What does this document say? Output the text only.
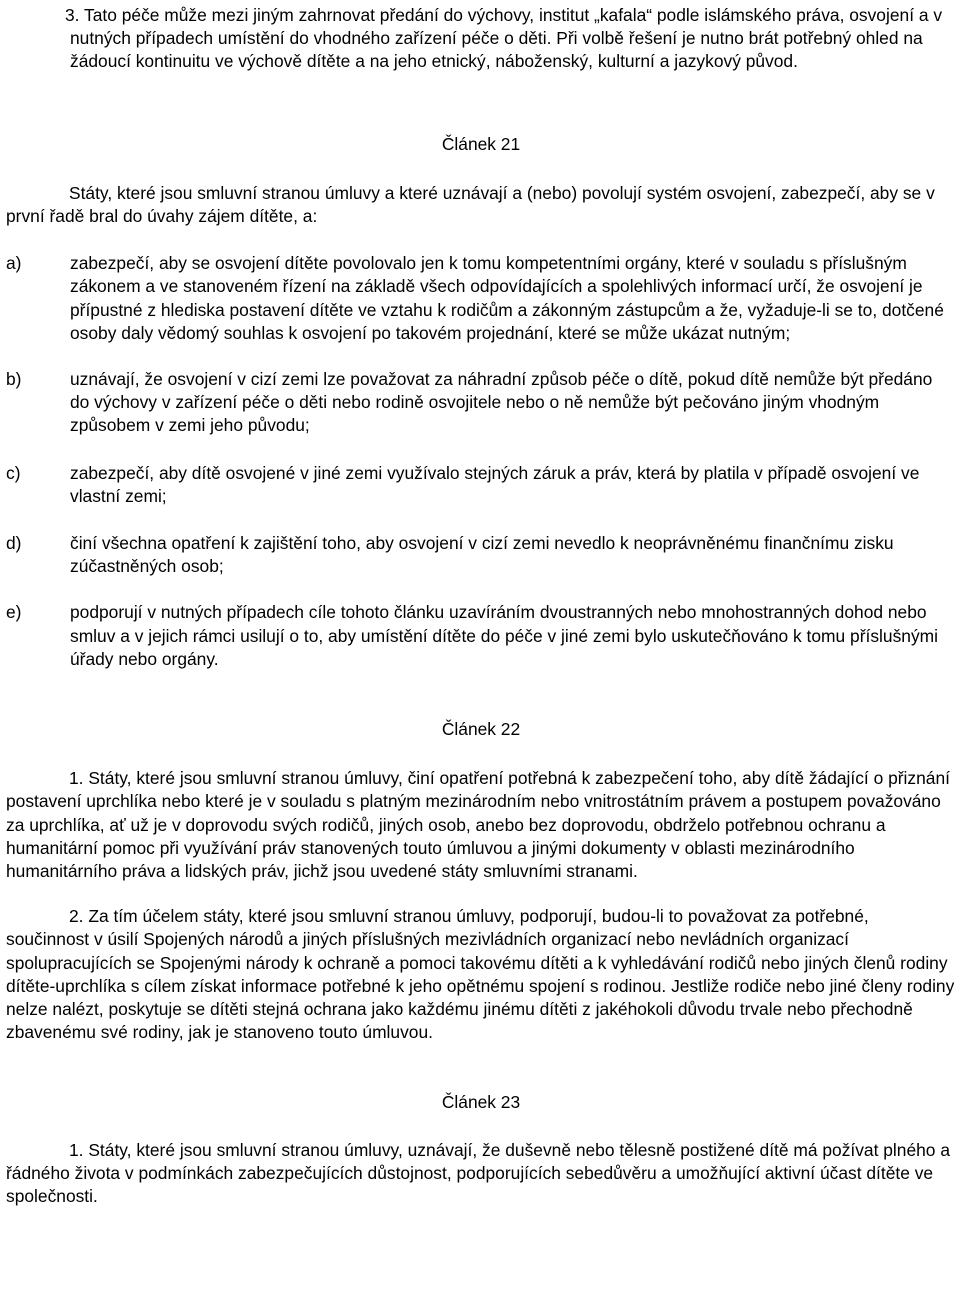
3. Tato péče může mezi jiným zahrnovat předání do výchovy, institut „kafala“ podle islámského práva, osvojení a v nutných případech umístění do vhodného zařízení péče o děti. Při volbě řešení je nutno brát potřebný ohled na žádoucí kontinuitu ve výchově dítěte a na jeho etnický, náboženský, kulturní a jazykový původ.

Článek 21

Státy, které jsou smluvní stranou úmluvy a které uznávají a (nebo) povolují systém osvojení, zabezpečí, aby se v první řadě bral do úvahy zájem dítěte, a:

a)	zabezpečí, aby se osvojení dítěte povolovalo jen k tomu kompetentními orgány, které v souladu s příslušným zákonem a ve stanoveném řízení na základě všech odpovídajících a spolehlivých informací určí, že osvojení je přípustné z hlediska postavení dítěte ve vztahu k rodičům a zákonným zástupcům a že, vyžaduje-li se to, dotčené osoby daly vědomý souhlas k osvojení po takovém projednání, které se může ukázat nutným;
b)	uznávají, že osvojení v cizí zemi lze považovat za náhradní způsob péče o dítě, pokud dítě nemůže být předáno do výchovy v zařízení péče o děti nebo rodině osvojitele nebo o ně nemůže být pečováno jiným vhodným způsobem v zemi jeho původu;
c)	zabezpečí, aby dítě osvojené v jiné zemi využívalo stejných záruk a práv, která by platila v případě osvojení ve vlastní zemi;
d)	činí všechna opatření k zajištění toho, aby osvojení v cizí zemi nevedlo k neoprávněnému finančnímu zisku zúčastněných osob;
e)	podporují v nutných případech cíle tohoto článku uzavíráním dvoustranných nebo mnohostranných dohod nebo smluv a v jejich rámci usilují o to, aby umístění dítěte do péče v jiné zemi bylo uskutečňováno k tomu příslušnými úřady nebo orgány.

Článek 22

1. Státy, které jsou smluvní stranou úmluvy, činí opatření potřebná k zabezpečení toho, aby dítě žádající o přiznání postavení uprchlíka nebo které je v souladu s platným mezinárodním nebo vnitrostátním právem a postupem považováno za uprchlíka, ať už je v doprovodu svých rodičů, jiných osob, anebo bez doprovodu, obdrželo potřebnou ochranu a humanitární pomoc při využívání práv stanovených touto úmluvou a jinými dokumenty v oblasti mezinárodního humanitárního práva a lidských práv, jichž jsou uvedené státy smluvními stranami.

2. Za tím účelem státy, které jsou smluvní stranou úmluvy, podporují, budou-li to považovat za potřebné, součinnost v úsilí Spojených národů a jiných příslušných mezivládních organizací nebo nevládních organizací spolupracujících se Spojenými národy k ochraně a pomoci takovému dítěti a k vyhledávání rodičů nebo jiných členů rodiny dítěte-uprchlíka s cílem získat informace potřebné k jeho opětnému spojení s rodinou. Jestliže rodiče nebo jiné členy rodiny nelze nalézt, poskytuje se dítěti stejná ochrana jako každému jinému dítěti z jakéhokoli důvodu trvale nebo přechodně zbavenému své rodiny, jak je stanoveno touto úmluvou.

Článek 23

1. Státy, které jsou smluvní stranou úmluvy, uznávají, že duševně nebo tělesně postižené dítě má požívat plného a řádného života v podmínkách zabezpečujících důstojnost, podporujících sebedůvěru a umožňující aktivní účast dítěte ve společnosti.
